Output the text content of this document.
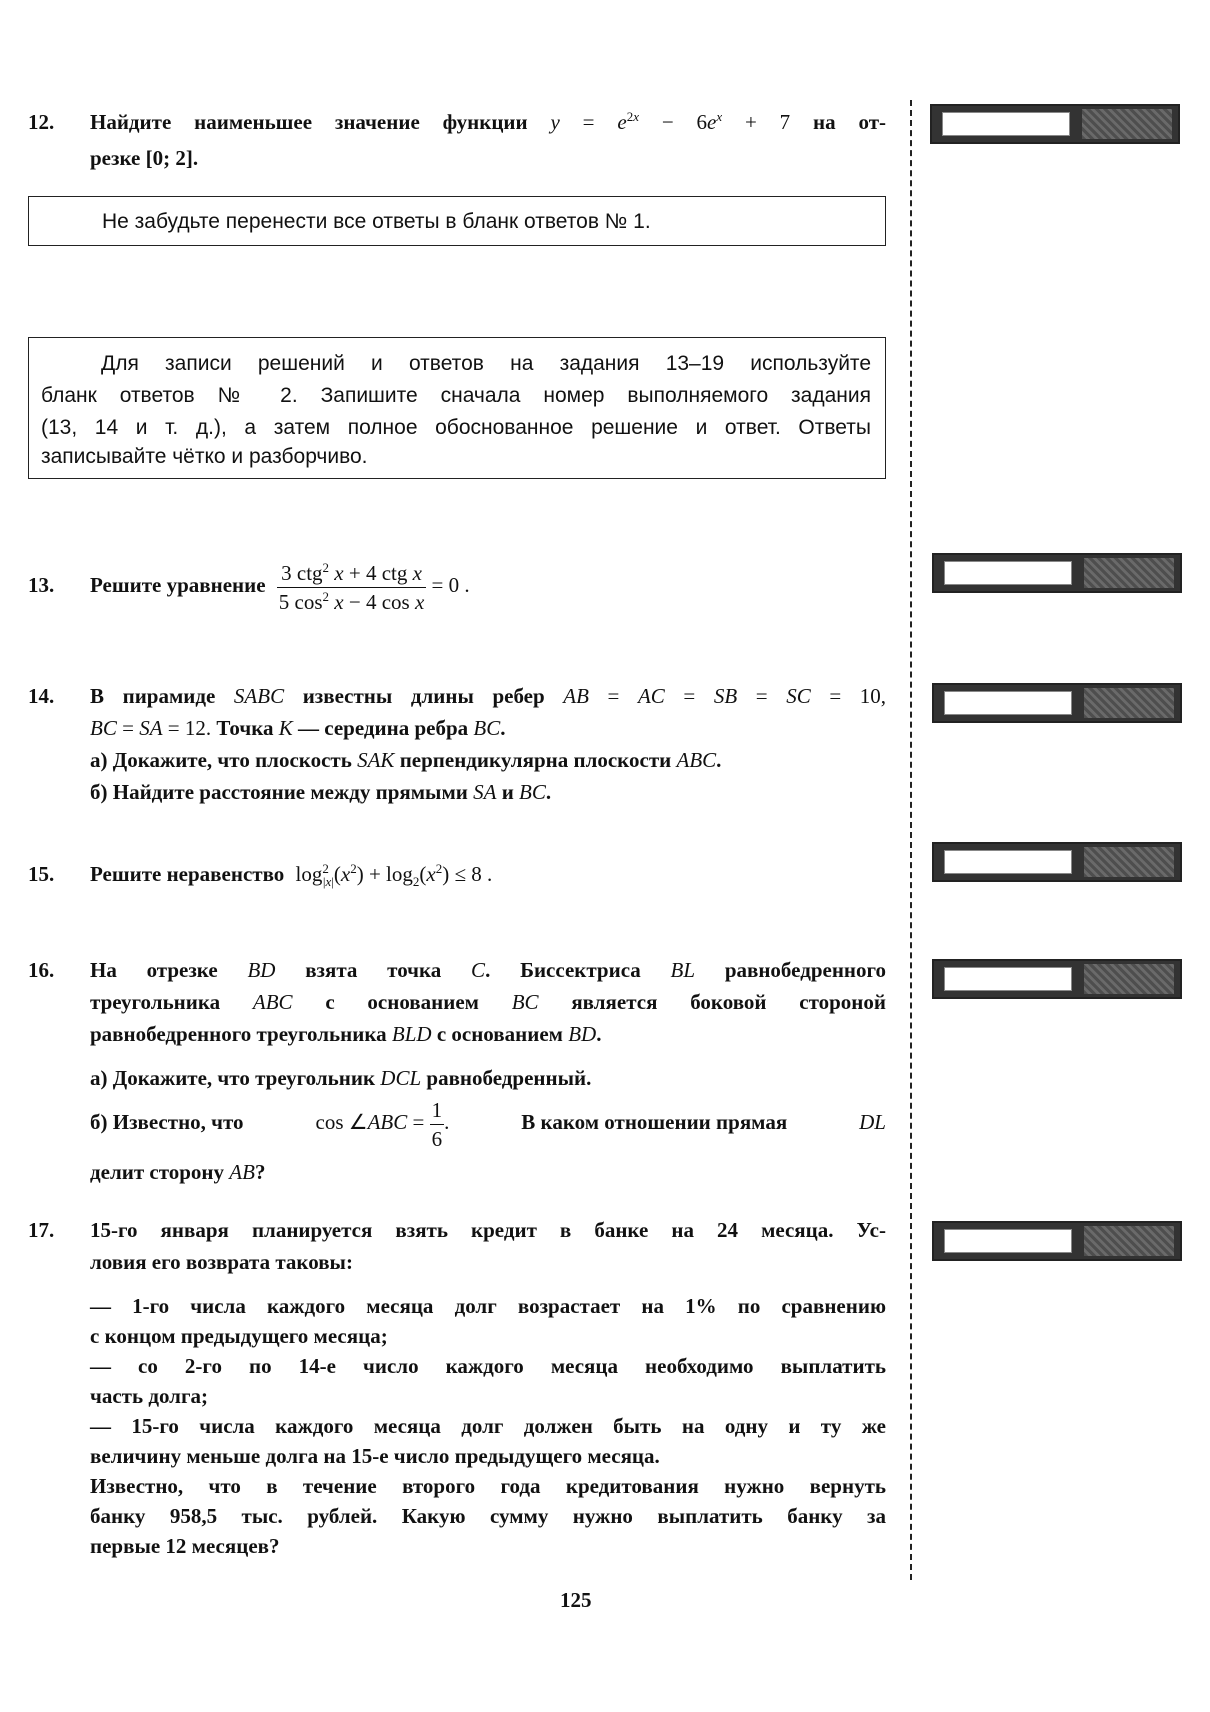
12. Найдите наименьшее значение функции $y = e^{2x} - 6e^x + 7$ на от-
резке [0; 2].
Не забудьте перенести все ответы в бланк ответов № 1.
Для записи решений и ответов на задания 13–19 используйте
бланк ответов № 2. Запишите сначала номер выполняемого задания
(13, 14 и т. д.), а затем полное обоснованное решение и ответ. Ответы
записывайте чётко и разборчиво.
13. Решите уравнение $\frac{3 ctg^2 x + 4 ctg x}{5 \cos^2 x - 4 \cos x} = 0$ .
14. В пирамиде SABC известны длины ребер AB = AC = SB = SC = 10,
BC = SA = 12. Точка K — середина ребра BC.
а) Докажите, что плоскость SAK перпендикулярна плоскости ABC.
б) Найдите расстояние между прямыми SA и BC.
15. Решите неравенство $\log^2_{|x|}(x^2) + \log_2(x^2) \le 8$ .
16. На отрезке BD взята точка C. Биссектриса BL равнобедренного
треугольника ABC с основанием BC является боковой стороной
равнобедренного треугольника BLD с основанием BD.
а) Докажите, что треугольник DCL равнобедренный.
б) Известно, что	cos ∠ABC = $\frac{1}{6}$ .	В каком отношении прямая	DL
делит сторону AB?
17. 15-го января планируется взять кредит в банке на 24 месяца. Ус-
ловия его возврата таковы:
— 1-го числа каждого месяца долг возрастает на 1% по сравнению
с концом предыдущего месяца;
— со 2-го по 14-е число каждого месяца необходимо выплатить
часть долга;
— 15-го числа каждого месяца долг должен быть на одну и ту же
величину меньше долга на 15-е число предыдущего месяца.
Известно, что в течение второго года кредитования нужно вернуть
банку 958,5 тыс. рублей. Какую сумму нужно выплатить банку за
первые 12 месяцев?
125
